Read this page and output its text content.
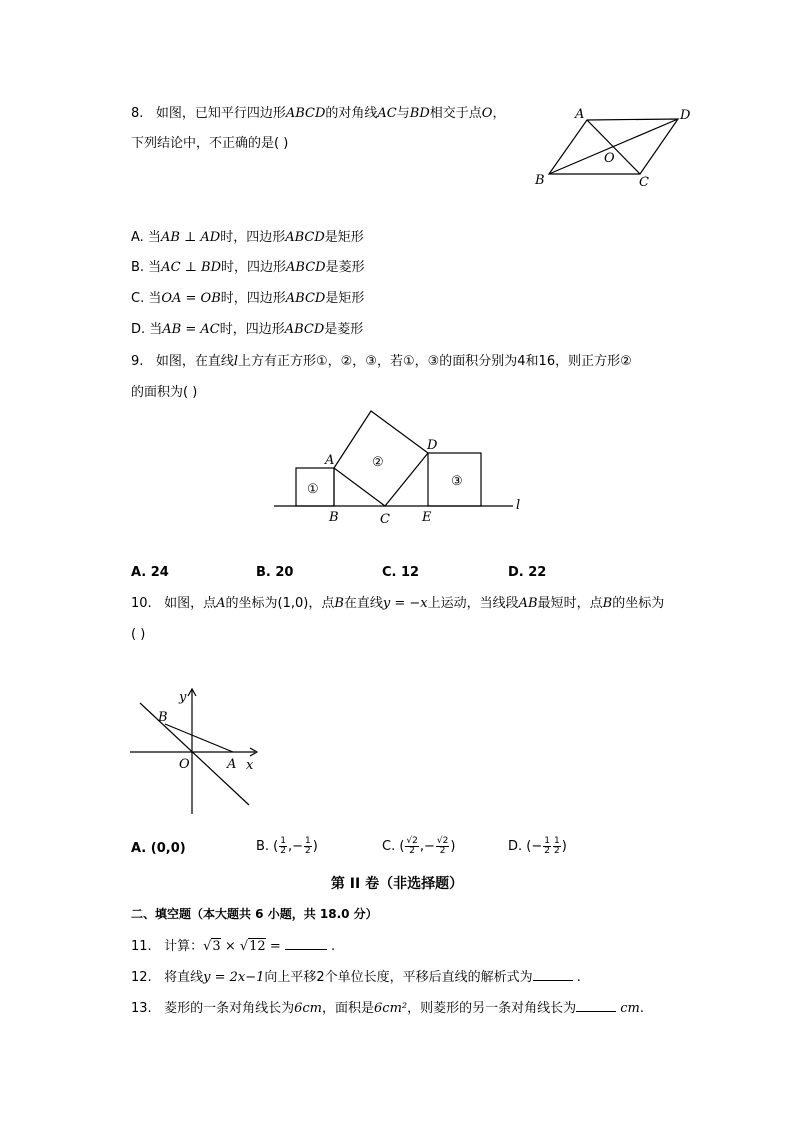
8. 如图，已知平行四边形ABCD的对角线AC与BD相交于点O，
下列结论中，不正确的是( )
A	D
B	C
O
A. 当AB ⊥ AD时，四边形ABCD是矩形
B. 当AC ⊥ BD时，四边形ABCD是菱形
C. 当OA = OB时，四边形ABCD是矩形
D. 当AB = AC时，四边形ABCD是菱形
9. 如图，在直线l上方有正方形①，②，③，若①，③的面积分别为4和16，则正方形②
的面积为( )
l
A
B	C
D
E
①
②
③
A. 24	B. 20	C. 12	D. 22
10. 如图，点A的坐标为(1,0)，点B在直线y = −x上运动，当线段AB最短时，点B的坐标为
( )
y
x
O	A
B
A. (0,0)	B. ( $\frac{1}{2}$ ,− $\frac{1}{2}$ )	C. ( $\frac{√2}{2}$ ,− $\frac{√2}{2}$ )	D. (− $\frac{1}{2} \frac{1}{2}$ )
第 II 卷（非选择题）
二、填空题（本大题共 6 小题，共 18.0 分）
11. 计算：√3 × √12 =	.
12. 将直线y = 2x−1向上平移2个单位长度，平移后直线的解析式为	.
13. 菱形的一条对角线长为6cm，面积是6cm²，则菱形的另一条对角线长为	cm.
